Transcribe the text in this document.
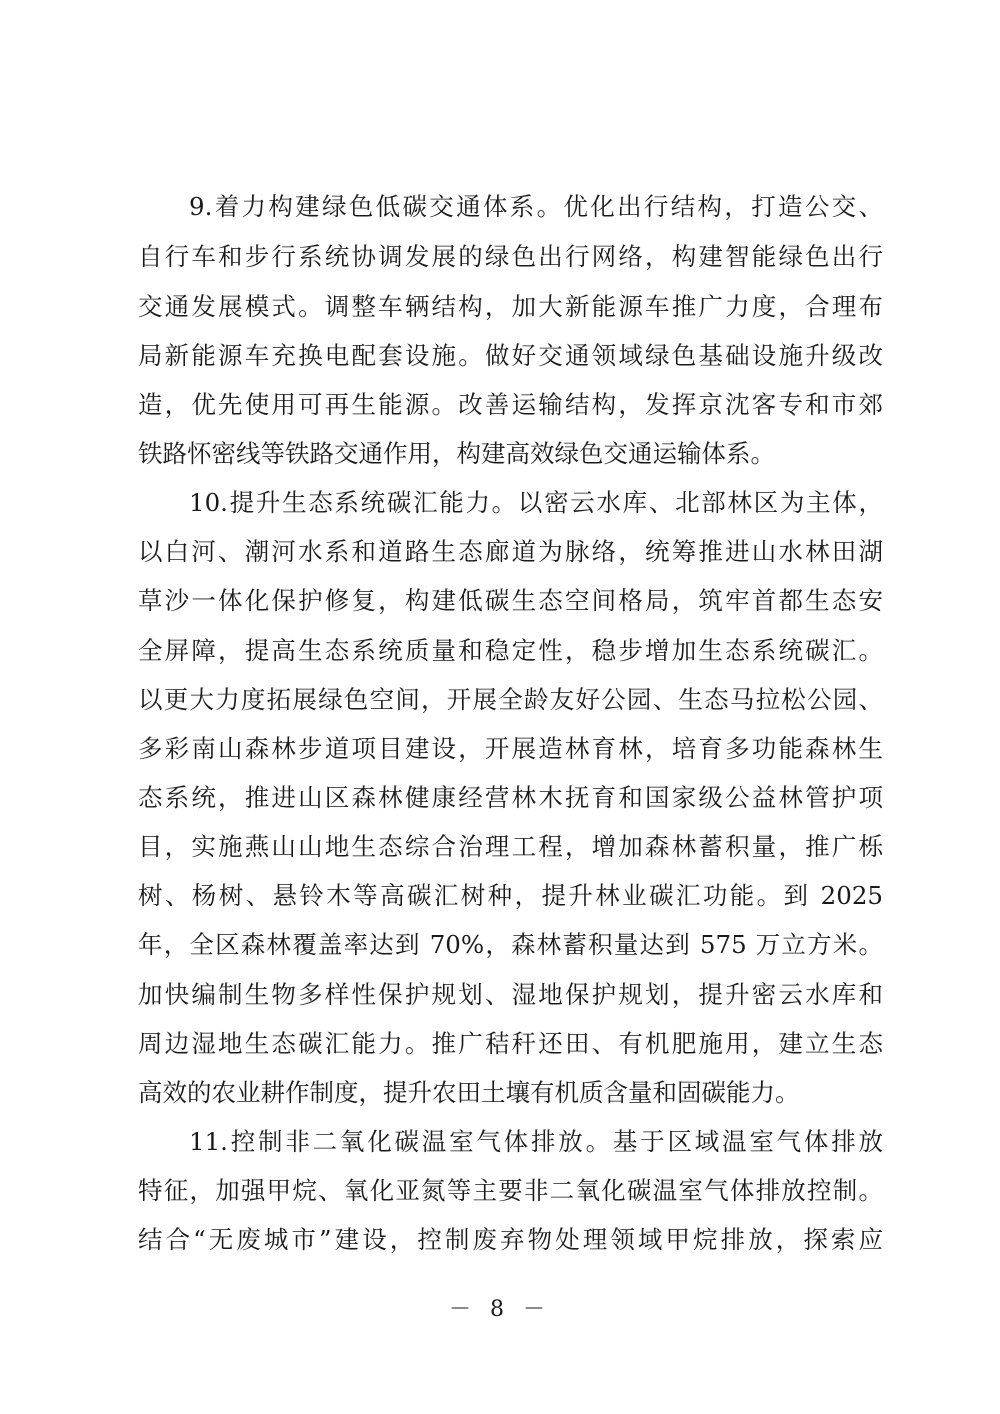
9.着力构建绿色低碳交通体系。优化出行结构，打造公交、
自行车和步行系统协调发展的绿色出行网络，构建智能绿色出行
交通发展模式。调整车辆结构，加大新能源车推广力度，合理布
局新能源车充换电配套设施。做好交通领域绿色基础设施升级改
造，优先使用可再生能源。改善运输结构，发挥京沈客专和市郊
铁路怀密线等铁路交通作用，构建高效绿色交通运输体系。
10.提升生态系统碳汇能力。以密云水库、北部林区为主体，
以白河、潮河水系和道路生态廊道为脉络，统筹推进山水林田湖
草沙一体化保护修复，构建低碳生态空间格局，筑牢首都生态安
全屏障，提高生态系统质量和稳定性，稳步增加生态系统碳汇。
以更大力度拓展绿色空间，开展全龄友好公园、生态马拉松公园、
多彩南山森林步道项目建设，开展造林育林，培育多功能森林生
态系统，推进山区森林健康经营林木抚育和国家级公益林管护项
目，实施燕山山地生态综合治理工程，增加森林蓄积量，推广栎
树、杨树、悬铃木等高碳汇树种，提升林业碳汇功能。到 2025
年，全区森林覆盖率达到 70%，森林蓄积量达到 575 万立方米。
加快编制生物多样性保护规划、湿地保护规划，提升密云水库和
周边湿地生态碳汇能力。推广秸秆还田、有机肥施用，建立生态
高效的农业耕作制度，提升农田土壤有机质含量和固碳能力。
11.控制非二氧化碳温室气体排放。基于区域温室气体排放
特征，加强甲烷、氧化亚氮等主要非二氧化碳温室气体排放控制。
结合“无废城市”建设，控制废弃物处理领域甲烷排放，探索应
－ 8 －
